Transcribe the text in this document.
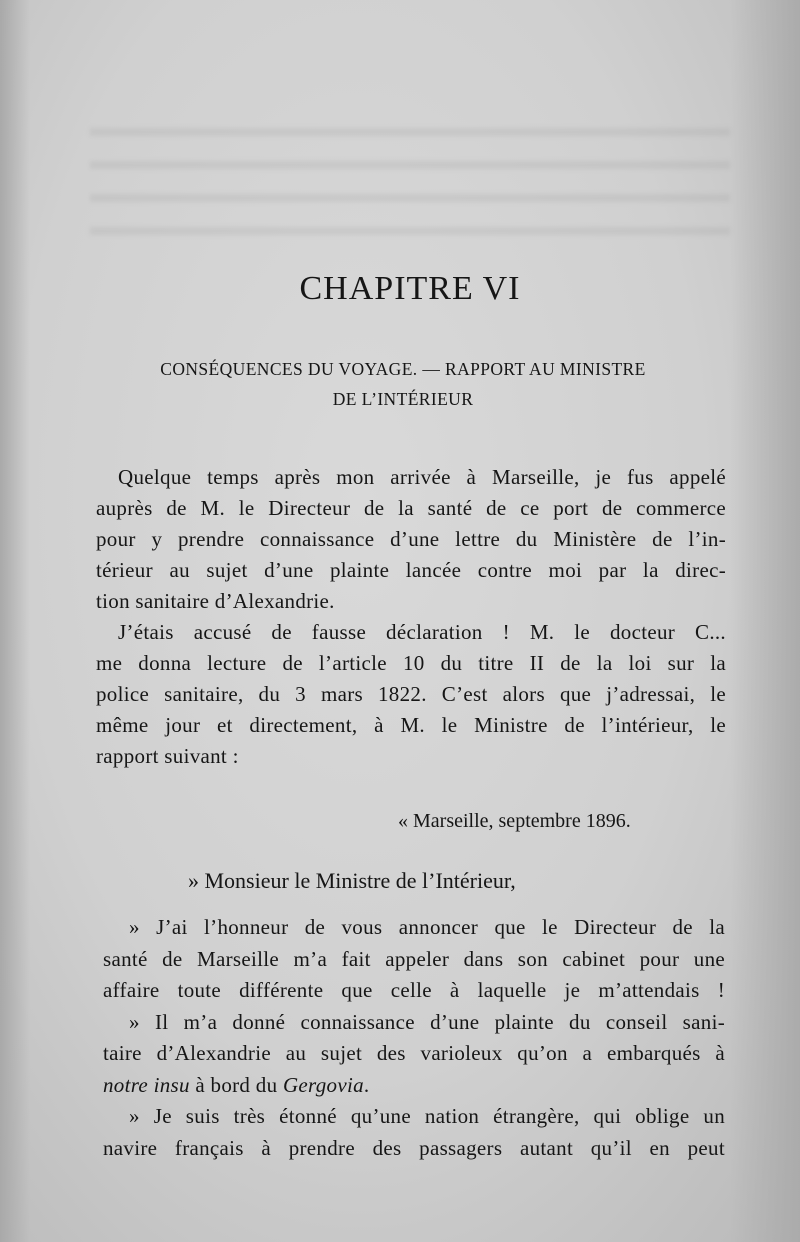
CHAPITRE VI
CONSÉQUENCES DU VOYAGE. — RAPPORT AU MINISTRE
DE L’INTÉRIEUR

Quelque temps après mon arrivée à Marseille, je fus appelé
auprès de M. le Directeur de la santé de ce port de commerce
pour y prendre connaissance d’une lettre du Ministère de l’in-
térieur au sujet d’une plainte lancée contre moi par la direc-
tion sanitaire d’Alexandrie.

J’étais accusé de fausse déclaration ! M. le docteur C...
me donna lecture de l’article 10 du titre II de la loi sur la
police sanitaire, du 3 mars 1822. C’est alors que j’adressai, le
même jour et directement, à M. le Ministre de l’intérieur, le
rapport suivant :

« Marseille, septembre 1896.
» Monsieur le Ministre de l’Intérieur,

» J’ai l’honneur de vous annoncer que le Directeur de la
santé de Marseille m’a fait appeler dans son cabinet pour une
affaire toute différente que celle à laquelle je m’attendais !

» Il m’a donné connaissance d’une plainte du conseil sani-
taire d’Alexandrie au sujet des varioleux qu’on a embarqués à
notre insu à bord du Gergovia.

» Je suis très étonné qu’une nation étrangère, qui oblige un
navire français à prendre des passagers autant qu’il en peut
